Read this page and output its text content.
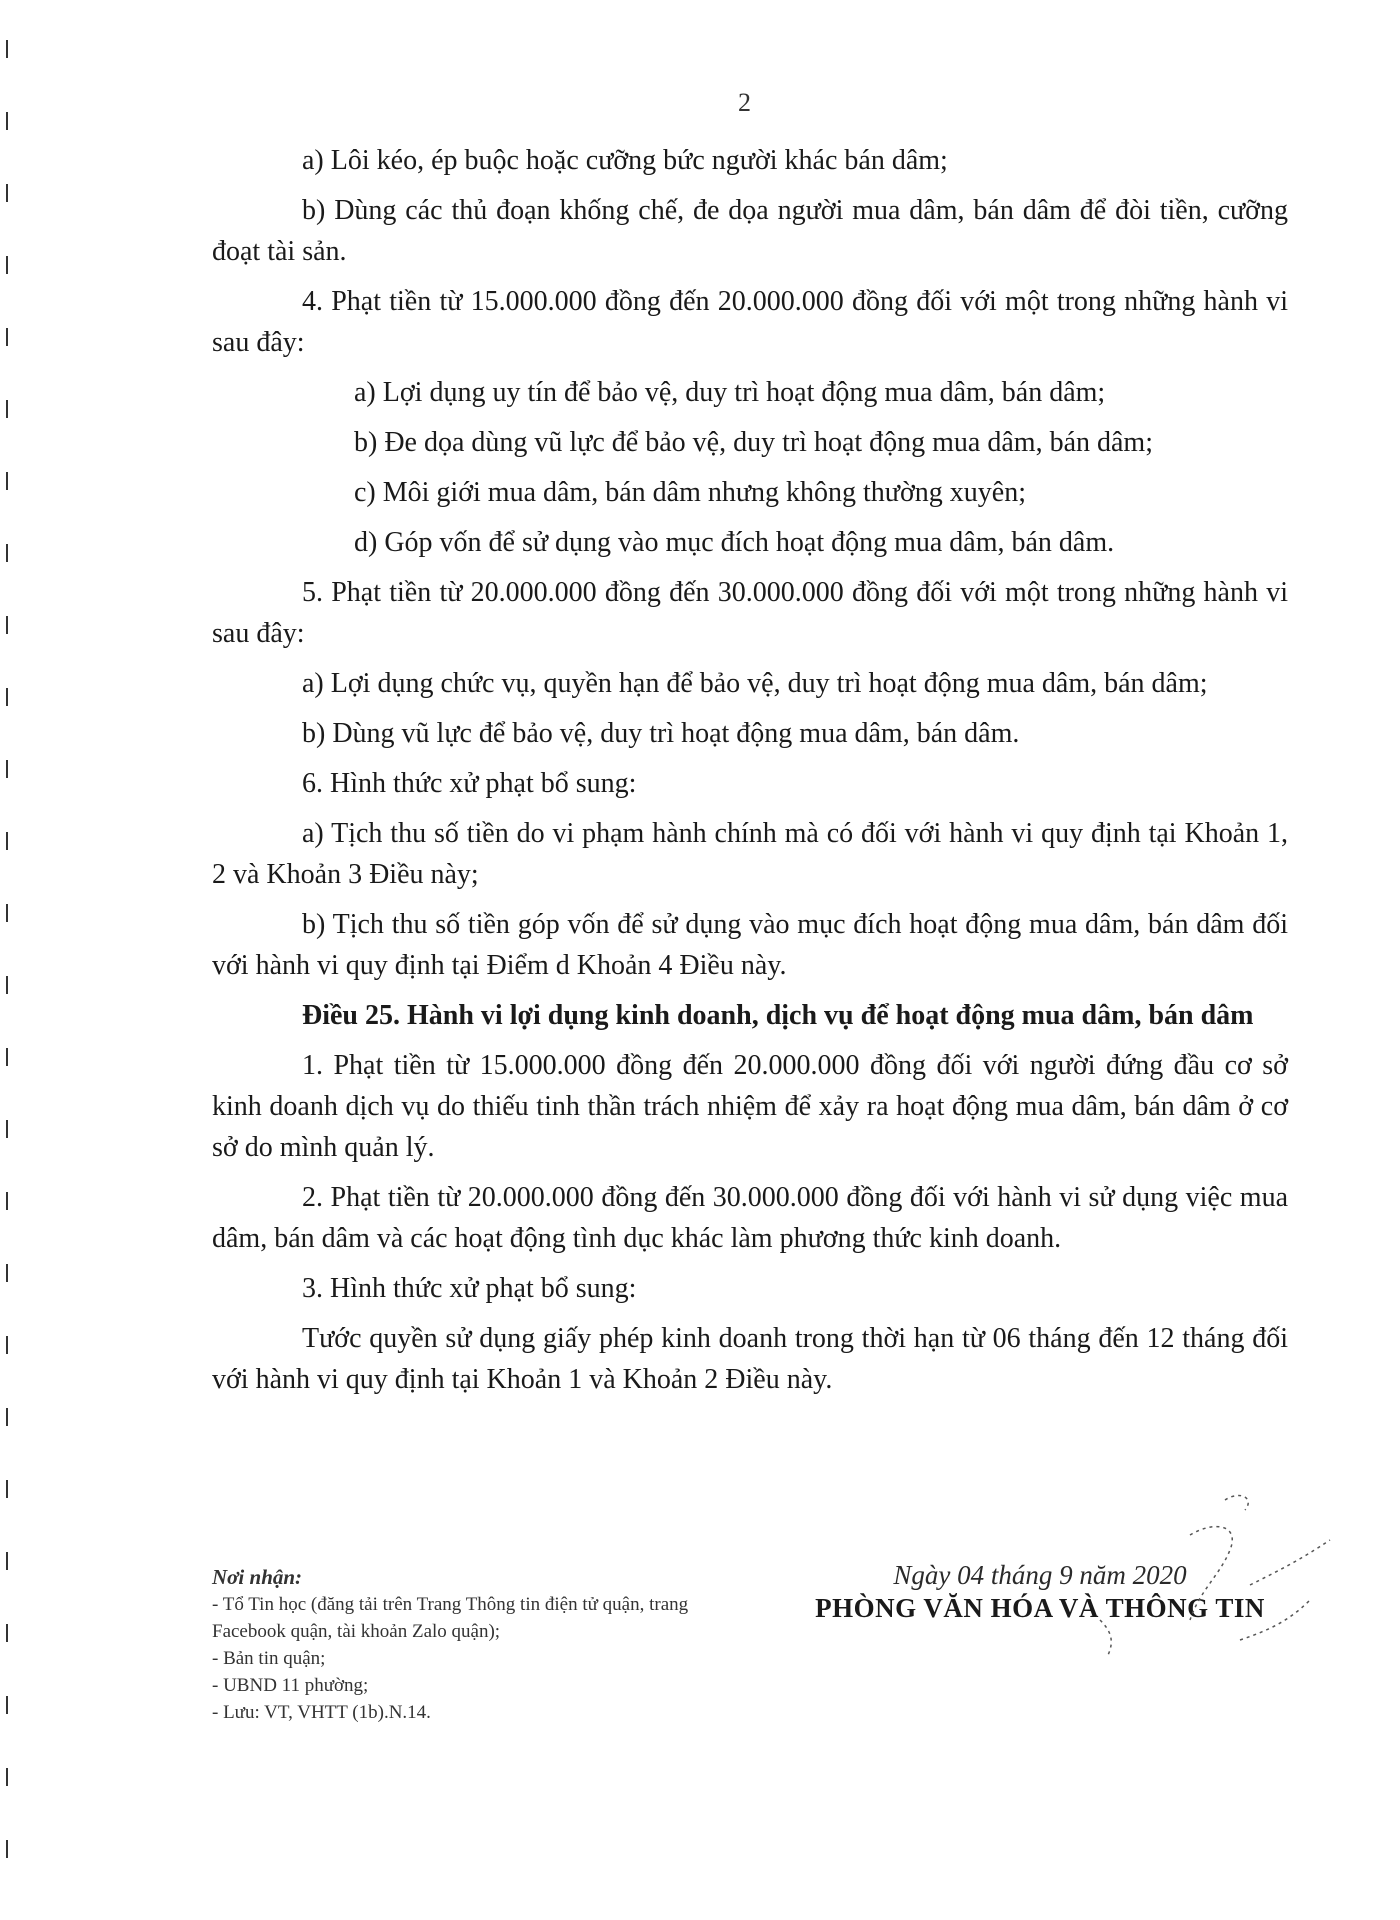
2

a) Lôi kéo, ép buộc hoặc cưỡng bức người khác bán dâm;

b) Dùng các thủ đoạn khống chế, đe dọa người mua dâm, bán dâm để đòi tiền, cưỡng đoạt tài sản.

4. Phạt tiền từ 15.000.000 đồng đến 20.000.000 đồng đối với một trong những hành vi sau đây:

a) Lợi dụng uy tín để bảo vệ, duy trì hoạt động mua dâm, bán dâm;

b) Đe dọa dùng vũ lực để bảo vệ, duy trì hoạt động mua dâm, bán dâm;

c) Môi giới mua dâm, bán dâm nhưng không thường xuyên;

d) Góp vốn để sử dụng vào mục đích hoạt động mua dâm, bán dâm.

5. Phạt tiền từ 20.000.000 đồng đến 30.000.000 đồng đối với một trong những hành vi sau đây:

a) Lợi dụng chức vụ, quyền hạn để bảo vệ, duy trì hoạt động mua dâm, bán dâm;

b) Dùng vũ lực để bảo vệ, duy trì hoạt động mua dâm, bán dâm.

6. Hình thức xử phạt bổ sung:

a) Tịch thu số tiền do vi phạm hành chính mà có đối với hành vi quy định tại Khoản 1, 2 và Khoản 3 Điều này;

b) Tịch thu số tiền góp vốn để sử dụng vào mục đích hoạt động mua dâm, bán dâm đối với hành vi quy định tại Điểm d Khoản 4 Điều này.

Điều 25. Hành vi lợi dụng kinh doanh, dịch vụ để hoạt động mua dâm, bán dâm

1. Phạt tiền từ 15.000.000 đồng đến 20.000.000 đồng đối với người đứng đầu cơ sở kinh doanh dịch vụ do thiếu tinh thần trách nhiệm để xảy ra hoạt động mua dâm, bán dâm ở cơ sở do mình quản lý.

2. Phạt tiền từ 20.000.000 đồng đến 30.000.000 đồng đối với hành vi sử dụng việc mua dâm, bán dâm và các hoạt động tình dục khác làm phương thức kinh doanh.

3. Hình thức xử phạt bổ sung:

Tước quyền sử dụng giấy phép kinh doanh trong thời hạn từ 06 tháng đến 12 tháng đối với hành vi quy định tại Khoản 1 và Khoản 2 Điều này.

Nơi nhận:
- Tổ Tin học (đăng tải trên Trang Thông tin điện tử quận, trang Facebook quận, tài khoản Zalo quận);
- Bản tin quận;
- UBND 11 phường;
- Lưu: VT, VHTT (1b).N.14.
Ngày 04 tháng 9 năm 2020
PHÒNG VĂN HÓA VÀ THÔNG TIN
